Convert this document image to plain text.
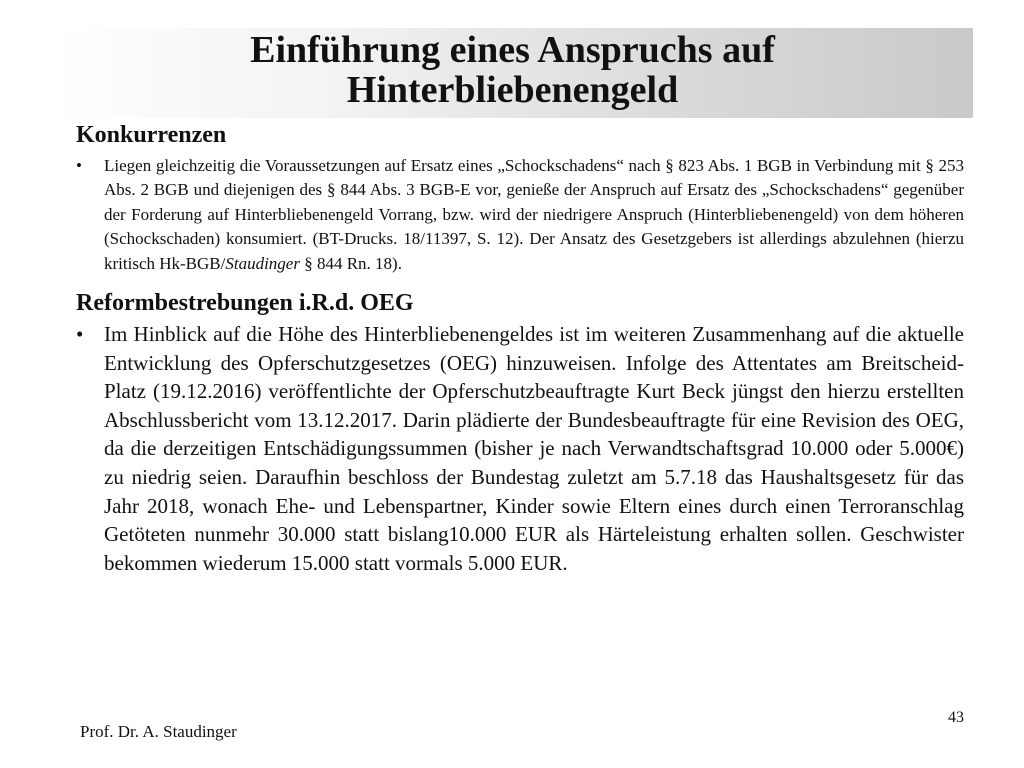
Einführung eines Anspruchs auf
Hinterbliebenengeld
Konkurrenzen
•	Liegen gleichzeitig die Voraussetzungen auf Ersatz eines „Schockschadens“ nach § 823 Abs. 1 BGB in Verbindung mit § 253 Abs. 2 BGB und diejenigen des § 844 Abs. 3 BGB-E vor, genieße der Anspruch auf Ersatz des „Schockschadens“ gegenüber der Forderung auf Hinterbliebenengeld Vorrang, bzw. wird der niedrigere Anspruch (Hinterbliebenengeld) von dem höheren (Schockschaden) konsumiert. (BT-Drucks. 18/11397, S. 12). Der Ansatz des Gesetzgebers ist allerdings abzulehnen (hierzu kritisch Hk-BGB/Staudinger § 844 Rn. 18).

Reformbestrebungen i.R.d. OEG
• Im Hinblick auf die Höhe des Hinterbliebenengeldes ist im weiteren Zusammenhang auf die aktuelle Entwicklung des Opferschutzgesetzes (OEG) hinzuweisen. Infolge des Attentates am Breitscheid-Platz (19.12.2016) veröffentlichte der Opferschutzbeauftragte Kurt Beck jüngst den hierzu erstellten Abschlussbericht vom 13.12.2017. Darin plädierte der Bundesbeauftragte für eine Revision des OEG, da die derzeitigen Entschädigungssummen (bisher je nach Verwandtschaftsgrad 10.000 oder 5.000€) zu niedrig seien. Daraufhin beschloss der Bundestag zuletzt am 5.7.18 das Haushaltsgesetz für das Jahr 2018, wonach Ehe- und Lebenspartner, Kinder sowie Eltern eines durch einen Terroranschlag Getöteten nunmehr 30.000 statt bislang10.000 EUR als Härteleistung erhalten sollen. Geschwister bekommen wiederum 15.000 statt vormals 5.000 EUR.

Prof. Dr. A. Staudinger
43
